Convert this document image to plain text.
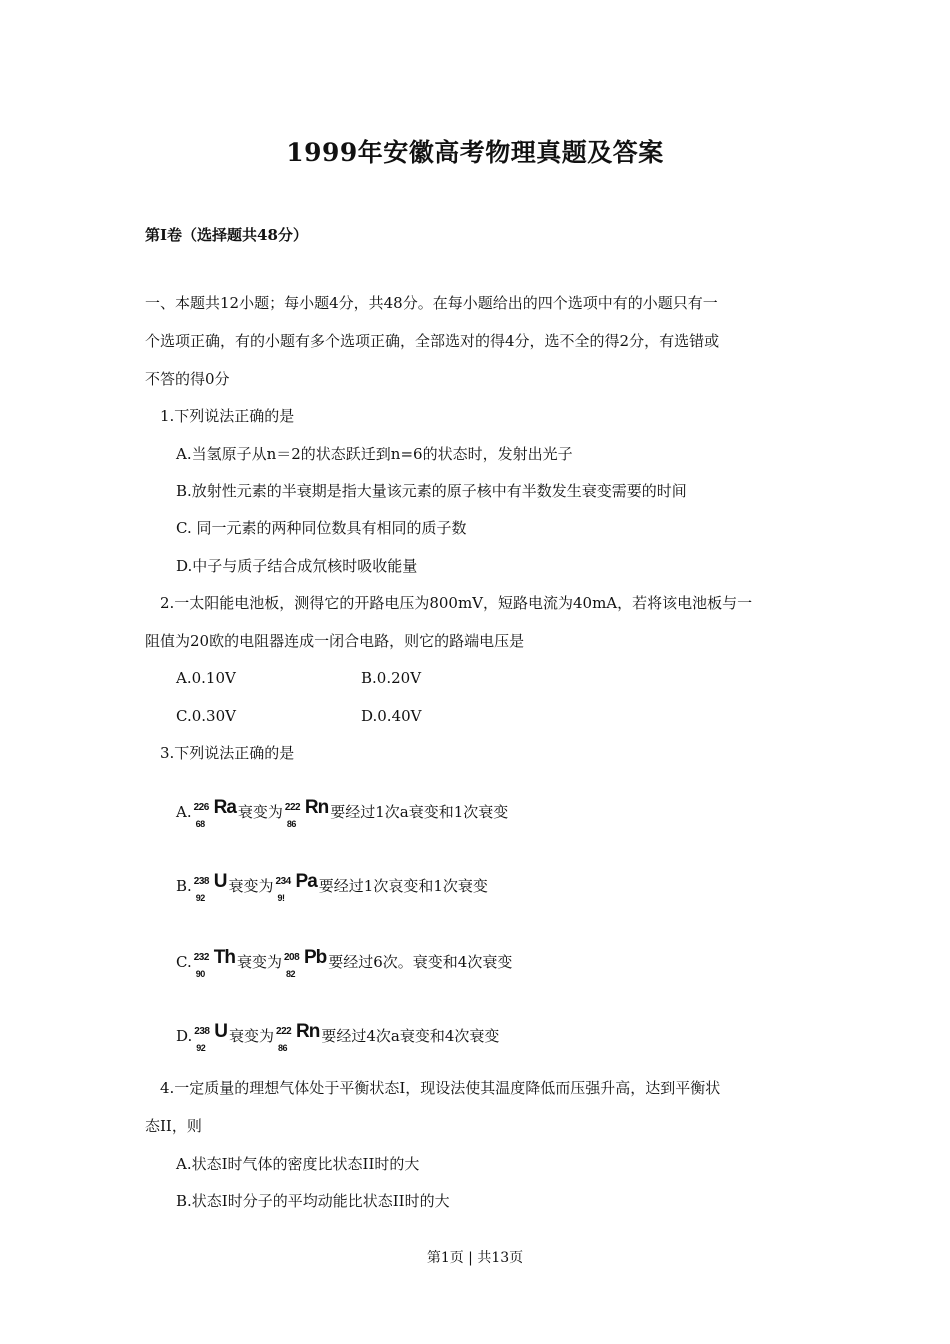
1999年安徽高考物理真题及答案
第Ⅰ卷（选择题共48分）
一、本题共12小题；每小题4分，共48分。在每小题给出的四个选项中有的小题只有一
个选项正确，有的小题有多个选项正确，全部选对的得4分，选不全的得2分，有选错或
不答的得0分
1.下列说法正确的是
A.当氢原子从n＝2的状态跃迁到n=6的状态时，发射出光子
B.放射性元素的半衰期是指大量该元素的原子核中有半数发生衰变需要的时间
C. 同一元素的两种同位数具有相同的质子数
D.中子与质子结合成氘核时吸收能量
2.一太阳能电池板，测得它的开路电压为800mV，短路电流为40mA，若将该电池板与一
阻值为20欧的电阻器连成一闭合电路，则它的路端电压是
A.0.10V	B.0.20V
C.0.30V	D.0.40V
3.下列说法正确的是
A. 226
68
Ra 衰变为 222
86
Rn 要经过1次a衰变和1次衰变
B. 238
92
U 衰变为 234
9!
Pa 要经过1次哀变和1次衰变
C. 232
90
Th 衰变为 208
82
Pb 要经过6次。衰变和4次衰变
D. 238
92
U 衰变为 222
86
Rn 要经过4次a衰变和4次衰变
4.一定质量的理想气体处于平衡状态I，现设法使其温度降低而压强升高，达到平衡状
态II，则
A.状态I时气体的密度比状态II时的大
B.状态I时分子的平均动能比状态II时的大
第1页 | 共13页
